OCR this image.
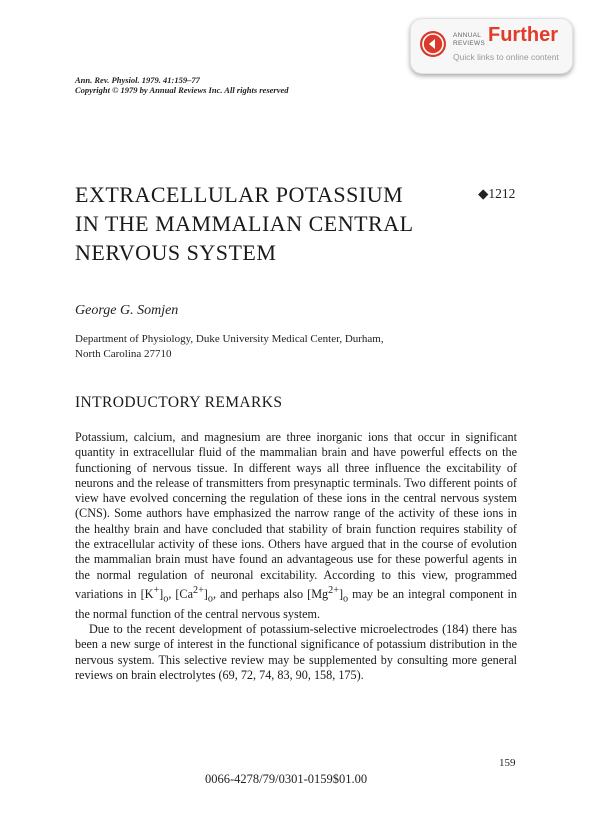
ANNUAL
REVIEWS Further
Quick links to online content
Ann. Rev. Physiol. 1979. 41:159–77
Copyright © 1979 by Annual Reviews Inc. All rights reserved
EXTRACELLULAR POTASSIUM
IN THE MAMMALIAN CENTRAL
NERVOUS SYSTEM
◆1212
George G. Somjen
Department of Physiology, Duke University Medical Center, Durham,
North Carolina 27710
INTRODUCTORY REMARKS

Potassium, calcium, and magnesium are three inorganic ions that occur in significant quantity in extracellular fluid of the mammalian brain and have powerful effects on the functioning of nervous tissue. In different ways all three influence the excitability of neurons and the release of transmitters from presynaptic terminals. Two different points of view have evolved concerning the regulation of these ions in the central nervous system (CNS). Some authors have emphasized the narrow range of the activity of these ions in the healthy brain and have concluded that stability of brain function requires stability of the extracellular activity of these ions. Others have argued that in the course of evolution the mammalian brain must have found an advantageous use for these powerful agents in the normal regulation of neuronal excitability. According to this view, programmed variations in $[K^+]_o$, $[Ca^{2+}]_o$, and perhaps also $[Mg^{2+}]_o$ may be an integral component in the normal function of the central nervous system.

Due to the recent development of potassium-selective microelectrodes (184) there has been a new surge of interest in the functional significance of potassium distribution in the nervous system. This selective review may be supplemented by consulting more general reviews on brain electrolytes (69, 72, 74, 83, 90, 158, 175).

159
0066-4278/79/0301-0159$01.00
